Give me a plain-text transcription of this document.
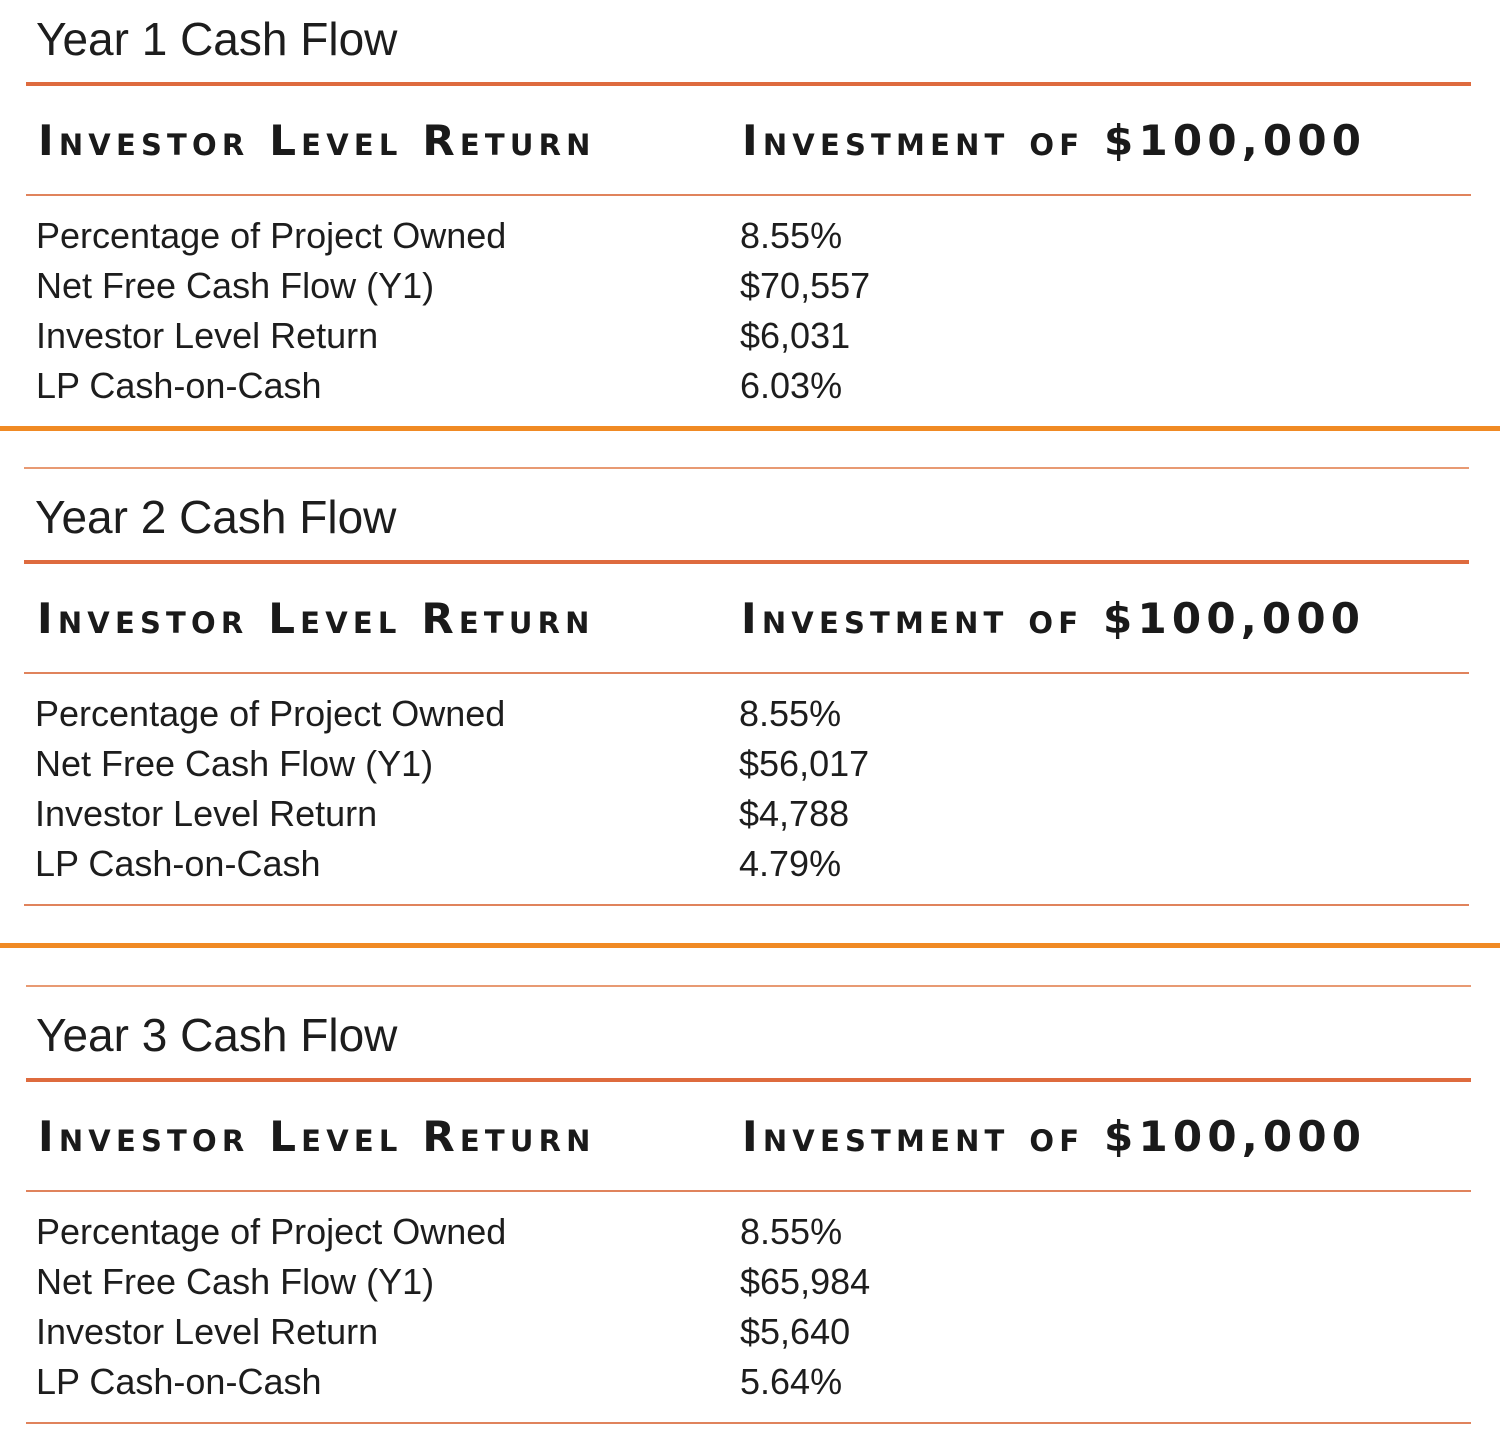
Year 1 Cash Flow
Investor Level Return	Investment of $100,000
Percentage of Project Owned	8.55%
Net Free Cash Flow (Y1)	$70,557
Investor Level Return	$6,031
LP Cash-on-Cash	6.03%
Year 2 Cash Flow
Investor Level Return	Investment of $100,000
Percentage of Project Owned	8.55%
Net Free Cash Flow (Y1)	$56,017
Investor Level Return	$4,788
LP Cash-on-Cash	4.79%
Year 3 Cash Flow
Investor Level Return	Investment of $100,000
Percentage of Project Owned	8.55%
Net Free Cash Flow (Y1)	$65,984
Investor Level Return	$5,640
LP Cash-on-Cash	5.64%
